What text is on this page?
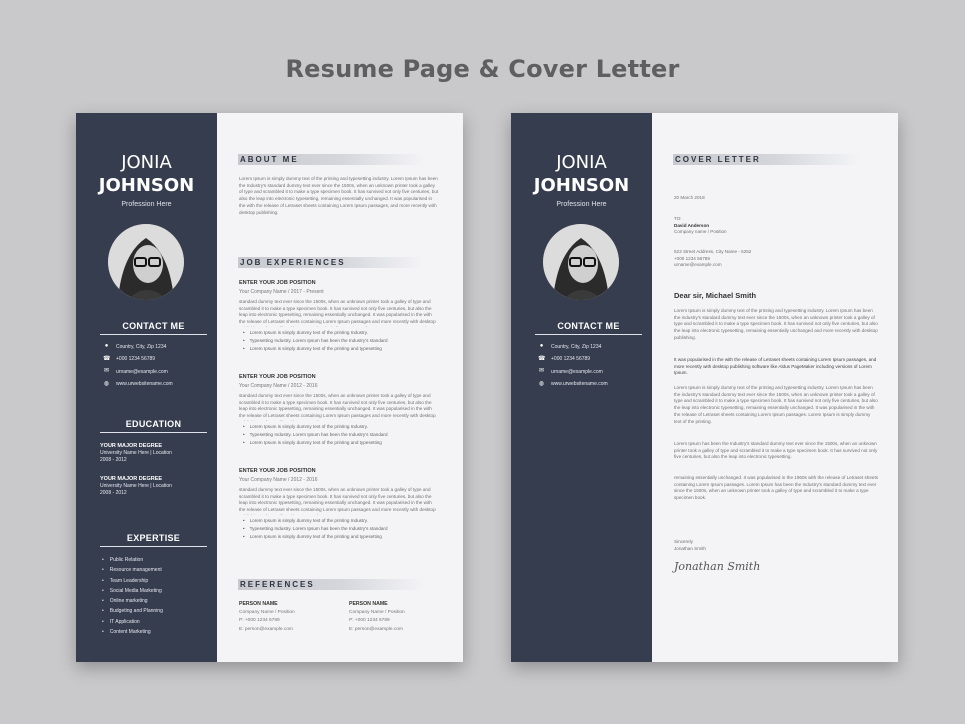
Resume Page & Cover Letter
JONIA
JOHNSON
Profession Here
CONTACT ME
●	Country, City, Zip 1234
☎ +000 1234 56789
✉ urname@example.com
◍ www.urwebsitename.com
EDUCATION
YOUR MAJOR DEGREE
University Name Here | Location
2008 - 2012
YOUR MAJOR DEGREE
University Name Here | Location
2008 - 2012
EXPERTISE
• Public Relation
• Resource management
• Team Leadership
• Social Media Marketing
• Online marketing
• Budgeting and Planning
• IT Application
• Content Marketing
ABOUT ME
Lorem Ipsum is simply dummy text of the printing and typesetting industry. Lorem Ipsum has been the Industry's standard dummy text ever since the 1500s, when an unknown printer took a galley of type and scrambled it to make a type specimen book. It has survived not only five centuries, but also the leap into electronic typesetting, remaining essentially unchanged. It was popularised in the with the release of Letraset sheets containing Lorem Ipsum passages, and more recently with desktop publishing.
JOB EXPERIENCES
ENTER YOUR JOB POSITION
Your Company Name / 2017 - Present
standard dummy text ever since the 1500s, when an unknown printer took a galley of type and scrambled it to make a type specimen book. It has survived not only five centuries, but also the leap into electronic typesetting, remaining essentially unchanged. It was popularised in the with the release of Letraset sheets containing Lorem Ipsum passages and more recently with desktop
• Lorem Ipsum is simply dummy text of the printing Industry.
• Typesetting Industry. Lorem Ipsum has been the Industry's standard
• Lorem Ipsum is simply dummy text of the printing and typesetting
ENTER YOUR JOB POSITION
Your Company Name / 2012 - 2016
standard dummy text ever since the 1500s, when an unknown printer took a galley of type and scrambled it to make a type specimen book. It has survived not only five centuries, but also the leap into electronic typesetting, remaining essentially unchanged. It was popularised in the with the release of Letraset sheets containing Lorem Ipsum passages and more recently with desktop
• Lorem Ipsum is simply dummy text of the printing Industry.
• Typesetting Industry. Lorem Ipsum has been the Industry's standard
• Lorem Ipsum is simply dummy text of the printing and typesetting
ENTER YOUR JOB POSITION
Your Company Name / 2012 - 2016
standard dummy text ever since the 1500s, when an unknown printer took a galley of type and scrambled it to make a type specimen book. It has survived not only five centuries, but also the leap into electronic typesetting, remaining essentially unchanged. It was popularised in the with the release of Letraset sheets containing Lorem Ipsum passages and more recently with desktop
• Lorem Ipsum is simply dummy text of the printing Industry.
• Typesetting Industry. Lorem Ipsum has been the Industry's standard
• Lorem Ipsum is simply dummy text of the printing and typesetting
REFERENCES
PERSON NAME
Company Name / Position
P: +000 1234 6789
E: person@example.com
PERSON NAME
Company Name / Position
P: +000 1234 6789
E: person@example.com
JONIA
JOHNSON
Profession Here
CONTACT ME
●	Country, City, Zip 1234
☎ +000 1234 56789
✉ urname@example.com
◍ www.urwebsitename.com
COVER LETTER
20 March 2018
TO:
David Anderson
Company name / Position
523 Street Address, City Name - 5252
+000 1234 56789
urname@example.com
Dear sir, Michael Smith
Lorem Ipsum is simply dummy text of the printing and typesetting industry. Lorem Ipsum has been the industry's standard dummy text ever since the 1500s, when an unknown printer took a galley of type and scrambled it to make a type specimen book. It has survived not only five centuries, but also the leap into electronic typesetting, remaining essentially unchanged and more recently with desktop publishing.
It was popularised in the with the release of Letraset sheets containing Lorem Ipsum passages, and more recently with desktop publishing software like Aldus PageMaker including versions of Lorem Ipsum.
Lorem Ipsum is simply dummy text of the printing and typesetting industry. Lorem Ipsum has been the industry's standard dummy text ever since the 1500s, when an unknown printer took a galley of type and scrambled it to make a type specimen book. It has survived not only five centuries, but also the leap into electronic typesetting, remaining essentially unchanged. It was popularised in the with the release of Letraset sheets containing Lorem Ipsum passages. Lorem Ipsum is simply dummy text of the printing.
Lorem Ipsum has been the Industry's standard dummy text ever since the 1500s, when an unknown printer took a galley of type and scrambled it to make a type specimen book. It has survived not only five centuries, but also the leap into electronic typesetting.
remaining essentially unchanged. It was popularised in the 1960s with the release of Letraset sheets containing Lorem Ipsum passages. Lorem Ipsum has been the Industry's standard dummy text ever since the 1500s, when an unknown printer took a galley of type and scrambled it to make a type specimen book.
Sincerely
Jonathan Smith
Jonathan Smith
